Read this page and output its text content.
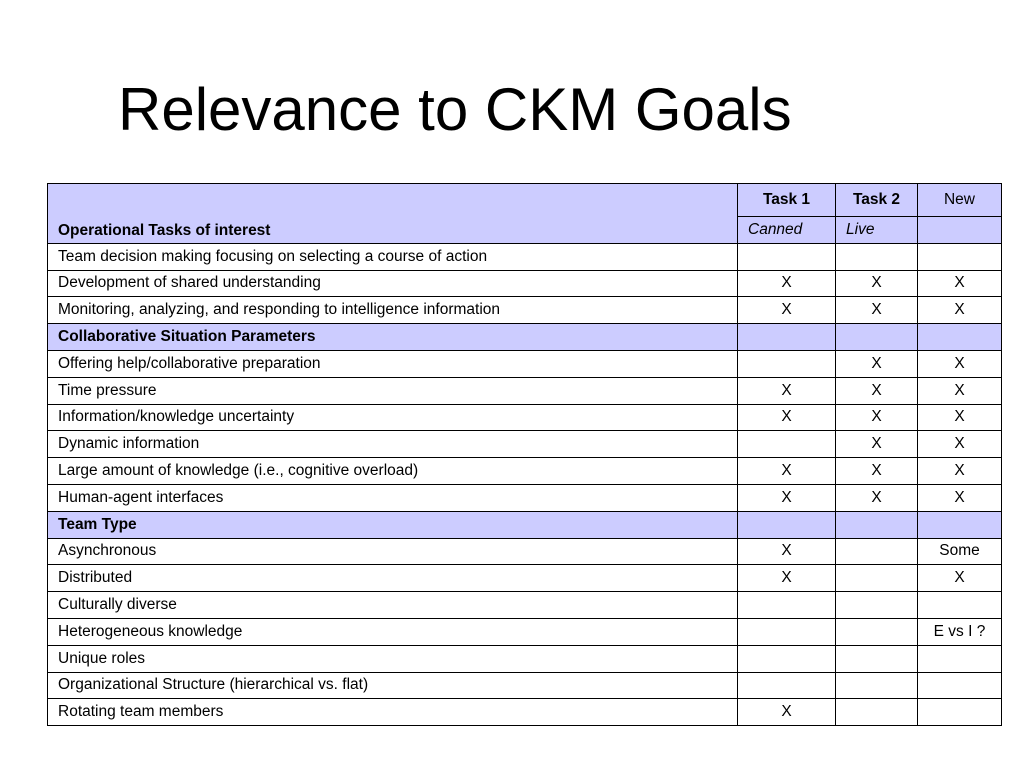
Relevance to CKM Goals
Operational Tasks of interest	Task 1	Task 2	New
	Canned	Live	
Team decision making focusing on selecting a course of action			
Development of shared understanding	X	X	X
Monitoring, analyzing, and responding to intelligence information	X	X	X
Collaborative Situation Parameters			
Offering help/collaborative preparation		X	X
Time pressure	X	X	X
Information/knowledge uncertainty	X	X	X
Dynamic information		X	X
Large amount of knowledge (i.e., cognitive overload)	X	X	X
Human-agent interfaces	X	X	X
Team Type			
Asynchronous	X		Some
Distributed	X		X
Culturally diverse			
Heterogeneous knowledge			E vs I ?
Unique roles			
Organizational Structure (hierarchical vs. flat)			
Rotating team members	X		
